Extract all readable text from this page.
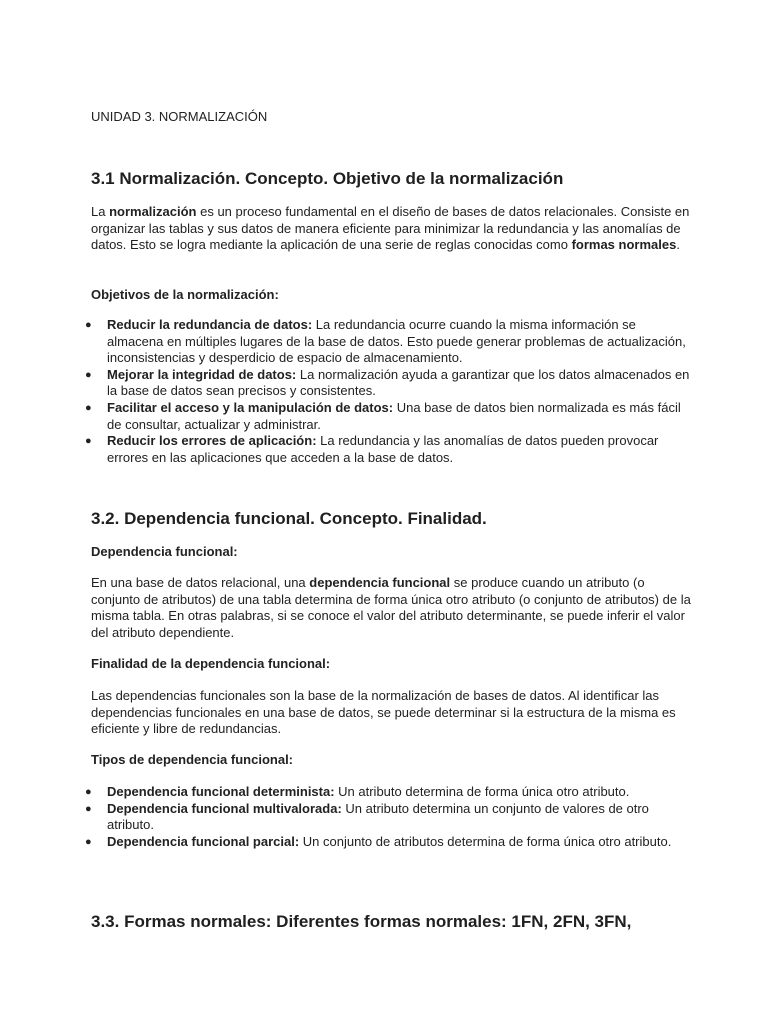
UNIDAD 3. NORMALIZACIÓN
3.1 Normalización. Concepto. Objetivo de la normalización
La normalización es un proceso fundamental en el diseño de bases de datos relacionales. Consiste en organizar las tablas y sus datos de manera eficiente para minimizar la redundancia y las anomalías de datos. Esto se logra mediante la aplicación de una serie de reglas conocidas como formas normales.
Objetivos de la normalización:
● Reducir la redundancia de datos: La redundancia ocurre cuando la misma información se almacena en múltiples lugares de la base de datos. Esto puede generar problemas de actualización, inconsistencias y desperdicio de espacio de almacenamiento.
● Mejorar la integridad de datos: La normalización ayuda a garantizar que los datos almacenados en la base de datos sean precisos y consistentes.
● Facilitar el acceso y la manipulación de datos: Una base de datos bien normalizada es más fácil de consultar, actualizar y administrar.
● Reducir los errores de aplicación: La redundancia y las anomalías de datos pueden provocar errores en las aplicaciones que acceden a la base de datos.
3.2. Dependencia funcional. Concepto. Finalidad.
Dependencia funcional:
En una base de datos relacional, una dependencia funcional se produce cuando un atributo (o conjunto de atributos) de una tabla determina de forma única otro atributo (o conjunto de atributos) de la misma tabla. En otras palabras, si se conoce el valor del atributo determinante, se puede inferir el valor del atributo dependiente.
Finalidad de la dependencia funcional:
Las dependencias funcionales son la base de la normalización de bases de datos. Al identificar las dependencias funcionales en una base de datos, se puede determinar si la estructura de la misma es eficiente y libre de redundancias.
Tipos de dependencia funcional:
● Dependencia funcional determinista: Un atributo determina de forma única otro atributo.
● Dependencia funcional multivalorada: Un atributo determina un conjunto de valores de otro atributo.
● Dependencia funcional parcial: Un conjunto de atributos determina de forma única otro atributo.
3.3. Formas normales: Diferentes formas normales: 1FN, 2FN, 3FN,
